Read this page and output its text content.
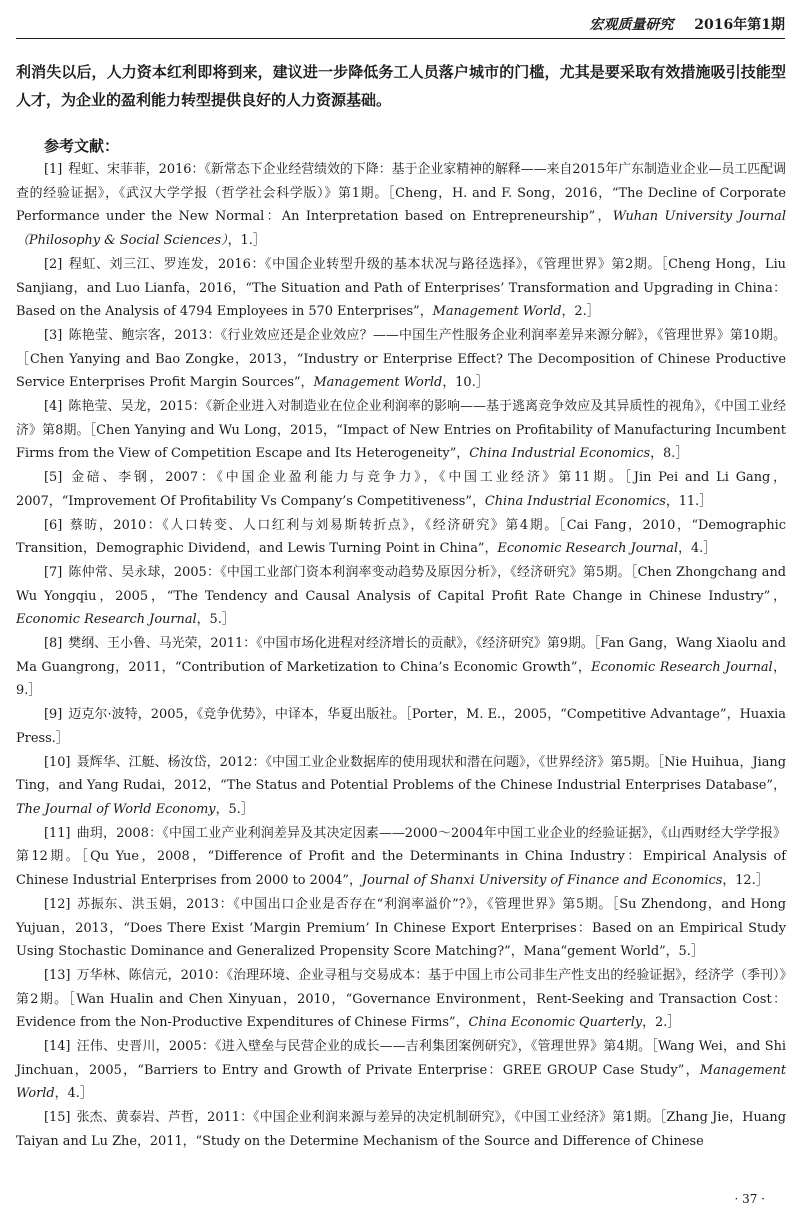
宏观质量研究 2016年第1期
利消失以后，人力资本红利即将到来，建议进一步降低务工人员落户城市的门槛，尤其是要采取有效措施吸引技能型人才，为企业的盈利能力转型提供良好的人力资源基础。
参考文献：

[1] 程虹、宋菲菲，2016：《新常态下企业经营绩效的下降：基于企业家精神的解释——来自2015年广东制造业企业—员工匹配调查的经验证据》，《武汉大学学报（哲学社会科学版）》第1期。［Cheng，H. and F. Song，2016，“The Decline of Corporate Performance under the New Normal：An Interpretation based on Entrepreneurship”，Wuhan University Journal（Philosophy & Social Sciences），1.］

[2] 程虹、刘三江、罗连发，2016：《中国企业转型升级的基本状况与路径选择》，《管理世界》第2期。［Cheng Hong，Liu Sanjiang，and Luo Lianfa，2016，“The Situation and Path of Enterprises’ Transformation and Upgrading in China：Based on the Analysis of 4794 Employees in 570 Enterprises”，Management World，2.］

[3] 陈艳莹、鲍宗客，2013：《行业效应还是企业效应？——中国生产性服务企业利润率差异来源分解》，《管理世界》第10期。［Chen Yanying and Bao Zongke，2013，“Industry or Enterprise Effect? The Decomposition of Chinese Productive Service Enterprises Profit Margin Sources”，Management World，10.］

[4] 陈艳莹、吴龙，2015：《新企业进入对制造业在位企业利润率的影响——基于逃离竞争效应及其异质性的视角》，《中国工业经济》第8期。［Chen Yanying and Wu Long，2015，“Impact of New Entries on Profitability of Manufacturing Incumbent Firms from the View of Competition Escape and Its Heterogeneity”，China Industrial Economics，8.］

[5] 金碚、李钢，2007：《中国企业盈利能力与竞争力》，《中国工业经济》第11期。［Jin Pei and Li Gang，2007，“Improvement Of Profitability Vs Company’s Competitiveness”，China Industrial Economics，11.］

[6] 蔡昉，2010：《人口转变、人口红利与刘易斯转折点》，《经济研究》第4期。［Cai Fang，2010，“Demographic Transition，Demographic Dividend，and Lewis Turning Point in China”，Economic Research Journal，4.］

[7] 陈仲常、吴永球，2005：《中国工业部门资本利润率变动趋势及原因分析》，《经济研究》第5期。［Chen Zhongchang and Wu Yongqiu，2005，“The Tendency and Causal Analysis of Capital Profit Rate Change in Chinese Industry”，Economic Research Journal，5.］

[8] 樊纲、王小鲁、马光荣，2011：《中国市场化进程对经济增长的贡献》，《经济研究》第9期。［Fan Gang，Wang Xiaolu and Ma Guangrong，2011，“Contribution of Marketization to China’s Economic Growth”，Economic Research Journal，9.］

[9] 迈克尔·波特，2005，《竞争优势》，中译本，华夏出版社。［Porter，M. E.，2005，“Competitive Advantage”，Huaxia Press.］

[10] 聂辉华、江艇、杨汝岱，2012：《中国工业企业数据库的使用现状和潜在问题》，《世界经济》第5期。［Nie Huihua，Jiang Ting，and Yang Rudai，2012，“The Status and Potential Problems of the Chinese Industrial Enterprises Database”，The Journal of World Economy，5.］

[11] 曲玥，2008：《中国工业产业利润差异及其决定因素——2000～2004年中国工业企业的经验证据》，《山西财经大学学报》第12期。［Qu Yue，2008，“Difference of Profit and the Determinants in China Industry：Empirical Analysis of Chinese Industrial Enterprises from 2000 to 2004”，Journal of Shanxi University of Finance and Economics，12.］

[12] 苏振东、洪玉娟，2013：《中国出口企业是否存在“利润率溢价”?》，《管理世界》第5期。［Su Zhendong，and Hong Yujuan，2013，“Does There Exist ‘Margin Premium’ In Chinese Export Enterprises：Based on an Empirical Study Using Stochastic Dominance and Generalized Propensity Score Matching?”，Mana“gement World”，5.］

[13] 万华林、陈信元，2010：《治理环境、企业寻租与交易成本：基于中国上市公司非生产性支出的经验证据》，经济学（季刊）》第2期。［Wan Hualin and Chen Xinyuan，2010，“Governance Environment，Rent-Seeking and Transaction Cost：Evidence from the Non-Productive Expenditures of Chinese Firms”，China Economic Quarterly，2.］

[14] 汪伟、史晋川，2005：《进入壁垒与民营企业的成长——吉利集团案例研究》，《管理世界》第4期。［Wang Wei，and Shi Jinchuan，2005，“Barriers to Entry and Growth of Private Enterprise：GREE GROUP Case Study”，Management World，4.］

[15] 张杰、黄泰岩、芦哲，2011：《中国企业利润来源与差异的决定机制研究》，《中国工业经济》第1期。［Zhang Jie，Huang Taiyan and Lu Zhe，2011，“Study on the Determine Mechanism of the Source and Difference of Chinese

· 37 ·
